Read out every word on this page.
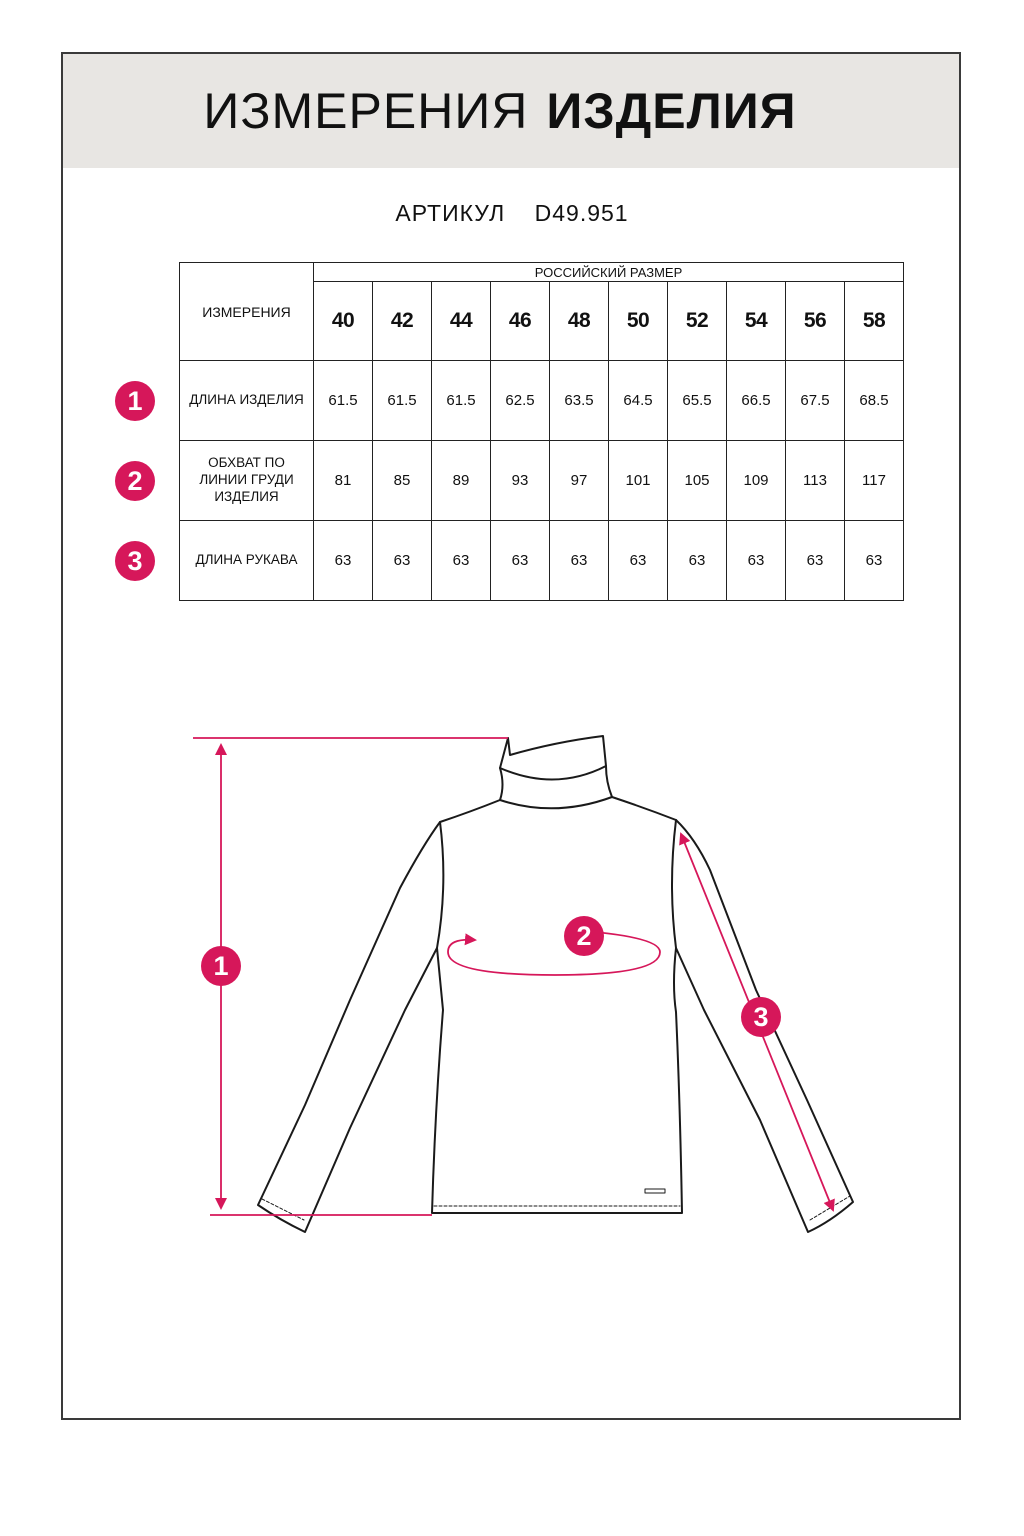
ИЗМЕРЕНИЯ ИЗДЕЛИЯ
АРТИКУЛ D49.951
ИЗМЕРЕНИЯ	РОССИЙСКИЙ РАЗМЕР									
	40	42	44	46	48	50	52	54	56	58
ДЛИНА ИЗДЕЛИЯ	61.5	61.5	61.5	62.5	63.5	64.5	65.5	66.5	67.5	68.5
ОБХВАТ ПО ЛИНИИ ГРУДИ ИЗДЕЛИЯ	81	85	89	93	97	101	105	109	113	117
ДЛИНА РУКАВА	63	63	63	63	63	63	63	63	63	63
1
2
3
1
2
3
